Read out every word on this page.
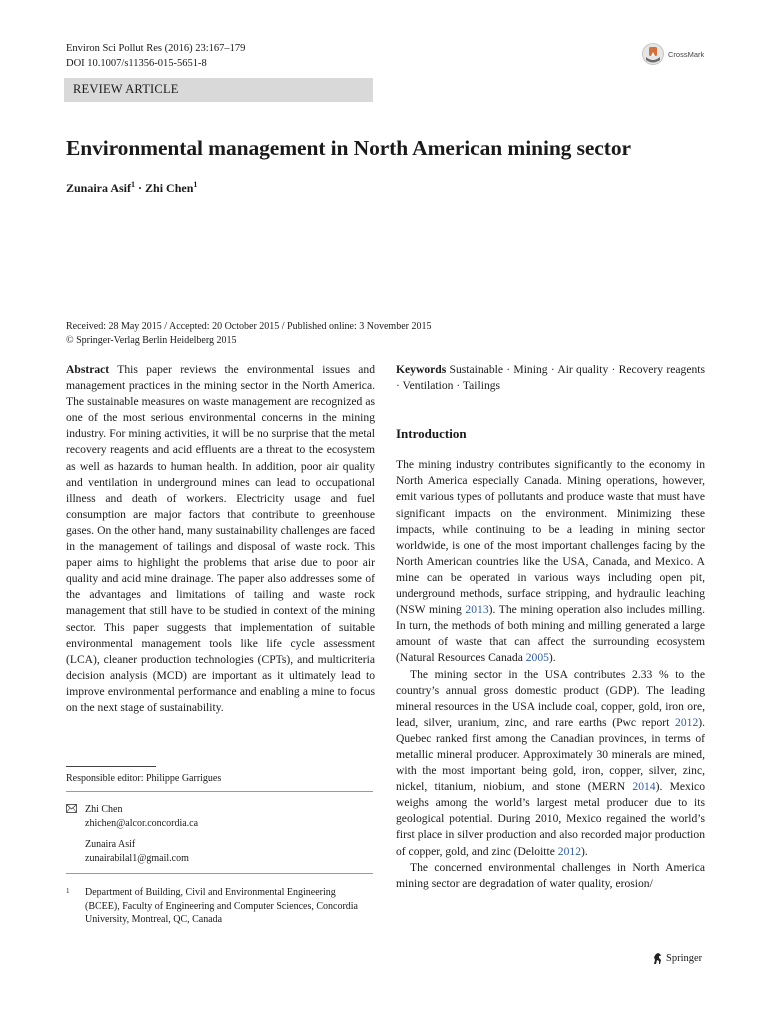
Environ Sci Pollut Res (2016) 23:167–179
DOI 10.1007/s11356-015-5651-8
CrossMark
REVIEW ARTICLE
Environmental management in North American mining sector
Zunaira Asif$^1$ · Zhi Chen$^1$
Received: 28 May 2015 / Accepted: 20 October 2015 / Published online: 3 November 2015
© Springer-Verlag Berlin Heidelberg 2015

Abstract This paper reviews the environmental issues and management practices in the mining sector in the North America. The sustainable measures on waste management are recognized as one of the most serious environmental concerns in the mining industry. For mining activities, it will be no surprise that the metal recovery reagents and acid effluents are a threat to the ecosystem as well as hazards to human health. In addition, poor air quality and ventilation in underground mines can lead to occupational illness and death of workers. Electricity usage and fuel consumption are major factors that contribute to greenhouse gases. On the other hand, many sustainability challenges are faced in the management of tailings and disposal of waste rock. This paper aims to highlight the problems that arise due to poor air quality and acid mine drainage. The paper also addresses some of the advantages and limitations of tailing and waste rock management that still have to be studied in context of the mining sector. This paper suggests that implementation of suitable environmental management tools like life cycle assessment (LCA), cleaner production technologies (CPTs), and multicriteria decision analysis (MCD) are important as it ultimately lead to improve environmental performance and enabling a mine to focus on the next stage of sustainability.

Keywords Sustainable · Mining · Air quality · Recovery reagents · Ventilation · Tailings

Introduction

The mining industry contributes significantly to the economy in North America especially Canada. Mining operations, however, emit various types of pollutants and produce waste that must have significant impacts on the environment. Minimizing these impacts, while continuing to be a leading in mining sector worldwide, is one of the most important challenges facing by the North American countries like the USA, Canada, and Mexico. A mine can be operated in various ways including open pit, underground methods, surface stripping, and hydraulic leaching (NSW mining 2013). The mining operation also includes milling. In turn, the methods of both mining and milling generated a large amount of waste that can affect the surrounding ecosystem (Natural Resources Canada 2005).

The mining sector in the USA contributes 2.33 % to the country’s annual gross domestic product (GDP). The leading mineral resources in the USA include coal, copper, gold, iron ore, lead, silver, uranium, zinc, and rare earths (Pwc report 2012). Quebec ranked first among the Canadian provinces, in terms of metallic mineral producer. Approximately 30 minerals are mined, with the most important being gold, iron, copper, silver, zinc, nickel, titanium, niobium, and stone (MERN 2014). Mexico weighs among the world’s largest metal producer due to its geological potential. During 2010, Mexico regained the world’s first place in silver production and also recorded major production of copper, gold, and zinc (Deloitte 2012).

The concerned environmental challenges in North America mining sector are degradation of water quality, erosion/

Responsible editor: Philippe Garrigues
Zhi Chen
zhichen@alcor.concordia.ca
Zunaira Asif
zunairabilal1@gmail.com
1	Department of Building, Civil and Environmental Engineering (BCEE), Faculty of Engineering and Computer Sciences, Concordia University, Montreal, QC, Canada
Springer
